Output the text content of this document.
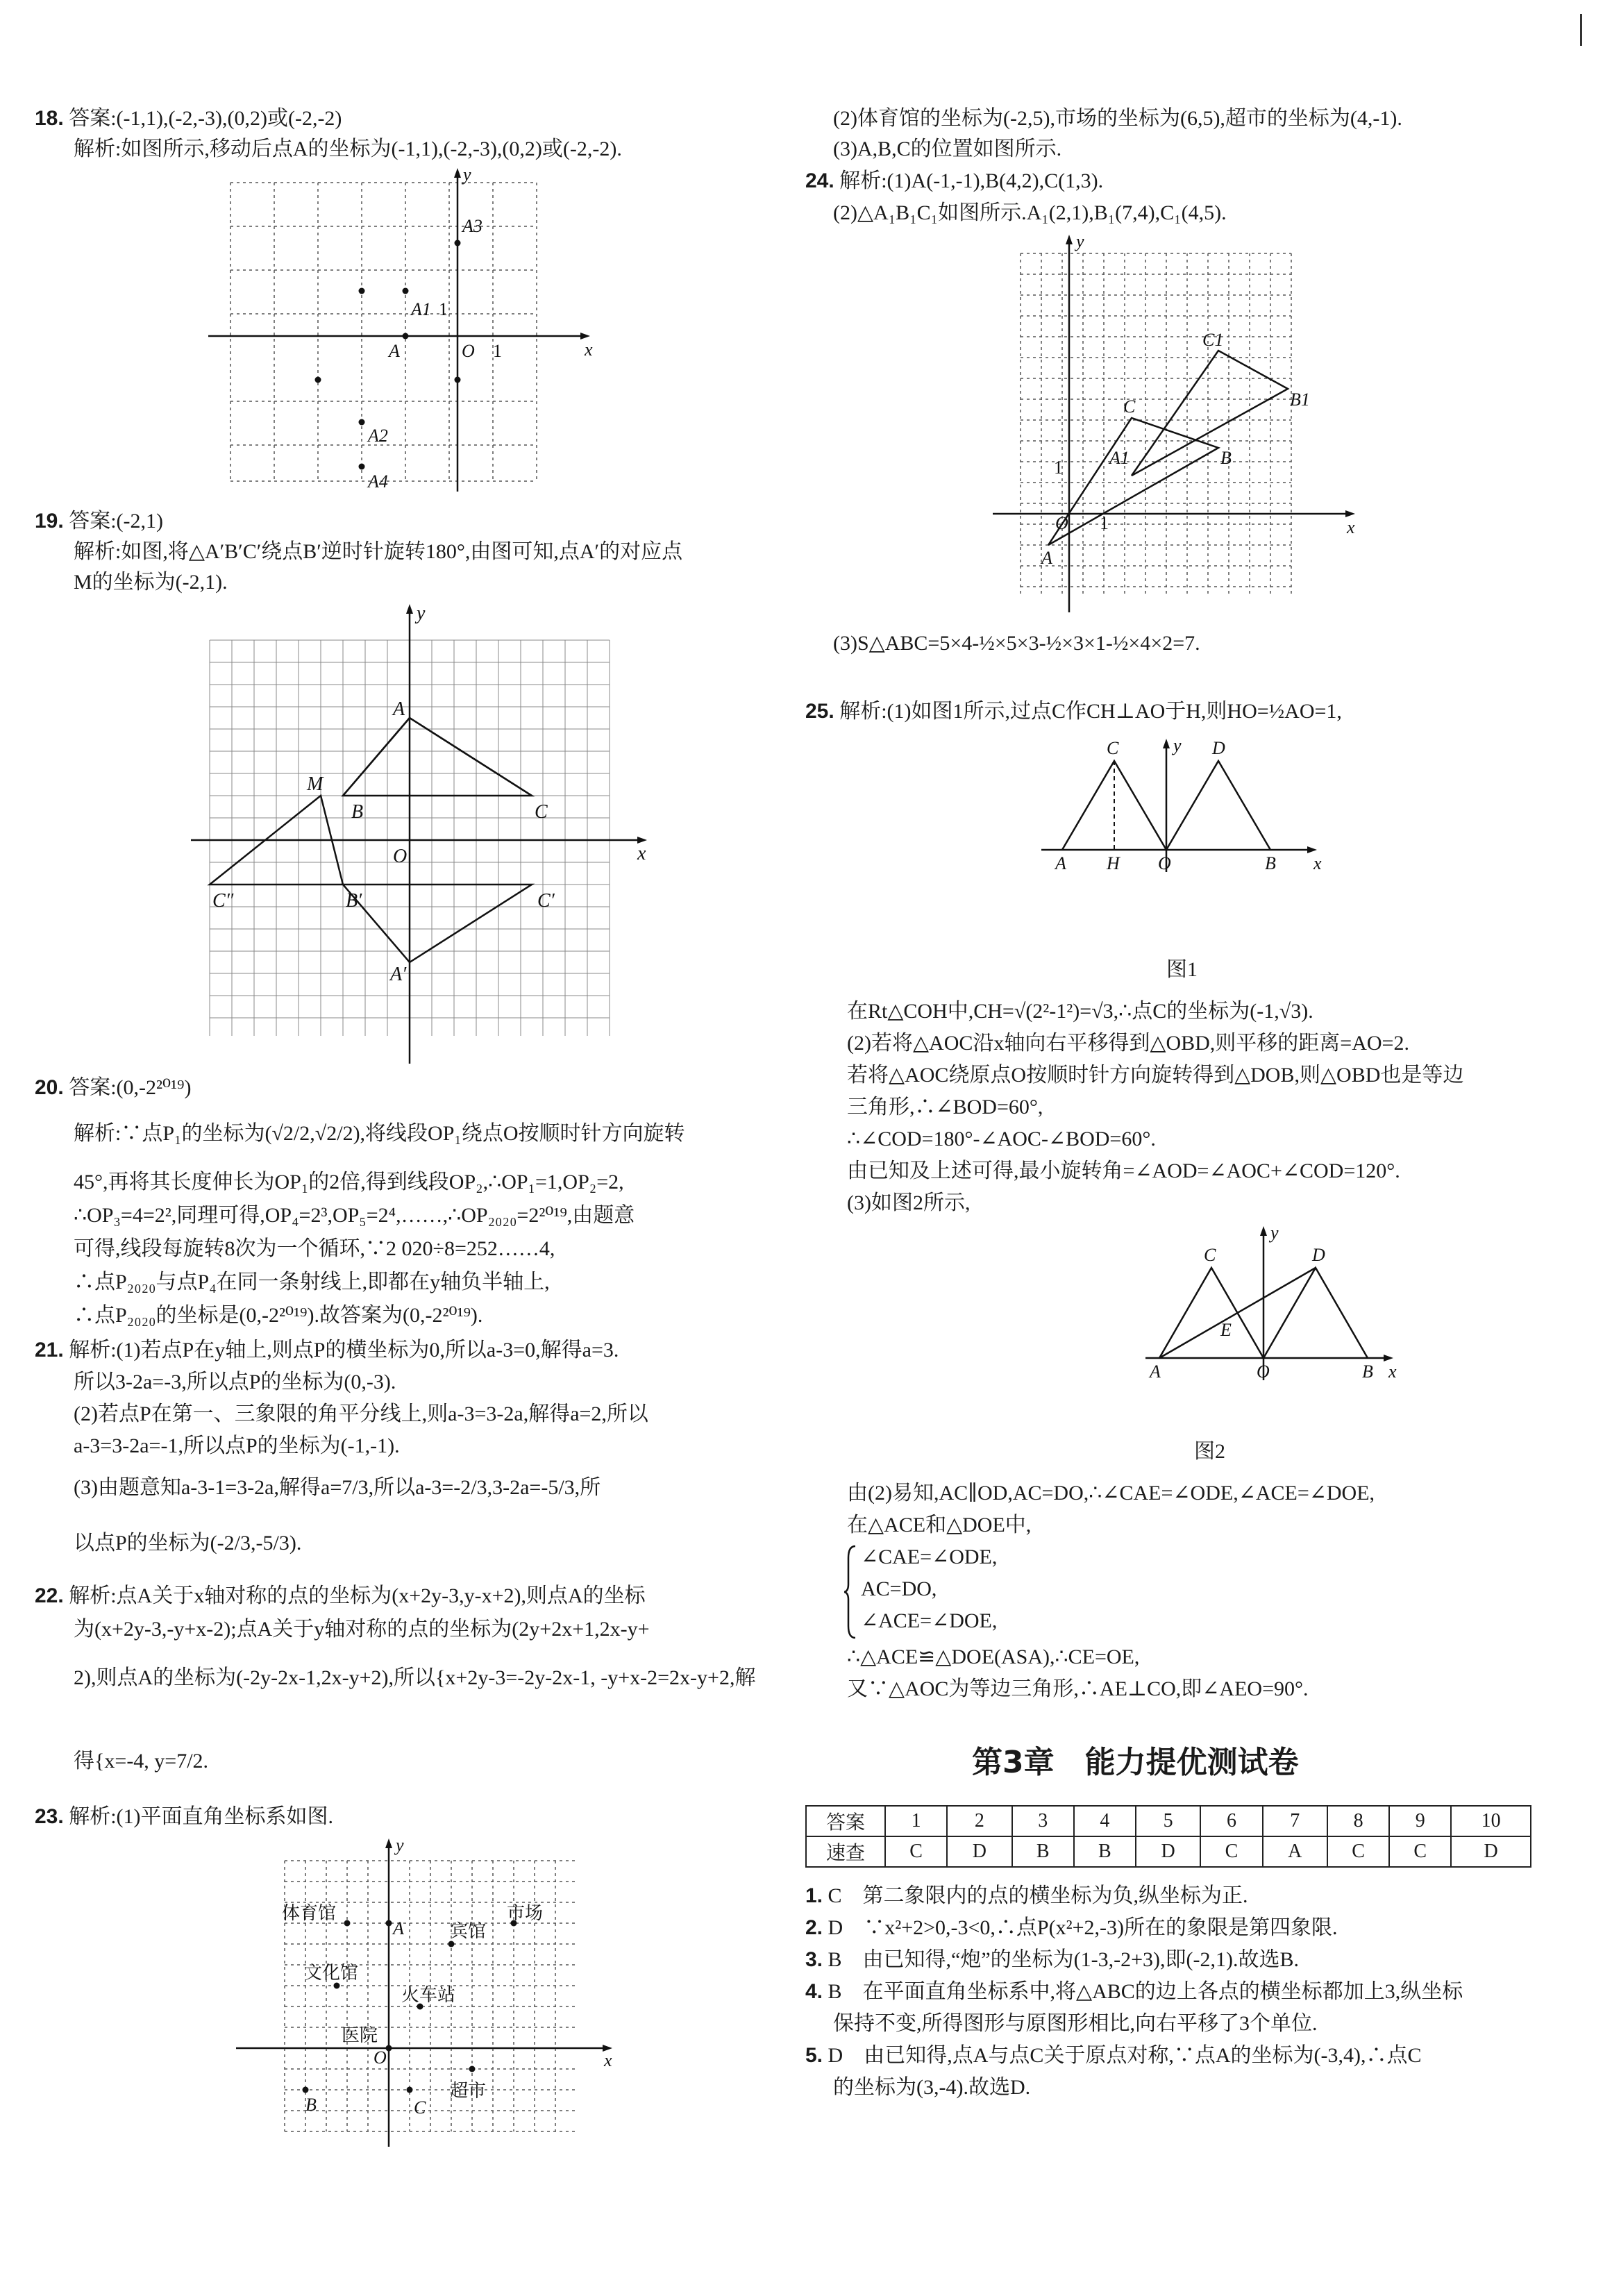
18. 答案:(-1,1),(-2,-3),(0,2)或(-2,-2)
解析:如图所示,移动后点A的坐标为(-1,1),(-2,-3),(0,2)或(-2,-2).
y
x
A3
A1
A	O
A2
A4
1
1
19. 答案:(-2,1)
解析:如图,将△A′B′C′绕点B′逆时针旋转180°,由图可知,点A′的对应点
M的坐标为(-2,1).
y
x
A
M
B	C
O
C″	B′	C′
A′
20. 答案:(0,-2²⁰¹⁹)
解析:∵点P₁的坐标为(√2/2,√2/2),将线段OP₁绕点O按顺时针方向旋转
45°,再将其长度伸长为OP₁的2倍,得到线段OP₂,∴OP₁=1,OP₂=2,
∴OP₃=4=2²,同理可得,OP₄=2³,OP₅=2⁴,……,∴OP₂₀₂₀=2²⁰¹⁹,由题意
可得,线段每旋转8次为一个循环,∵2 020÷8=252……4,
∴点P₂₀₂₀与点P₄在同一条射线上,即都在y轴负半轴上,
∴点P₂₀₂₀的坐标是(0,-2²⁰¹⁹).故答案为(0,-2²⁰¹⁹).
21. 解析:(1)若点P在y轴上,则点P的横坐标为0,所以a-3=0,解得a=3.
所以3-2a=-3,所以点P的坐标为(0,-3).
(2)若点P在第一、三象限的角平分线上,则a-3=3-2a,解得a=2,所以
a-3=3-2a=-1,所以点P的坐标为(-1,-1).
(3)由题意知a-3-1=3-2a,解得a=7/3,所以a-3=-2/3,3-2a=-5/3,所
以点P的坐标为(-2/3,-5/3).
22. 解析:点A关于x轴对称的点的坐标为(x+2y-3,y-x+2),则点A的坐标
为(x+2y-3,-y+x-2);点A关于y轴对称的点的坐标为(2y+2x+1,2x-y+
2),则点A的坐标为(-2y-2x-1,2x-y+2),所以{x+2y-3=-2y-2x-1, -y+x-2=2x-y+2,解
得{x=-4, y=7/2.
23. 解析:(1)平面直角坐标系如图.
y
x
A
O
B	C
体育馆	市场
宾馆
文化馆
火车站
医院
超市
(2)体育馆的坐标为(-2,5),市场的坐标为(6,5),超市的坐标为(4,-1).
(3)A,B,C的位置如图所示.
24. 解析:(1)A(-1,-1),B(4,2),C(1,3).
(2)△A₁B₁C₁如图所示.A₁(2,1),B₁(7,4),C₁(4,5).
y
x
C1
B1
C
A1	B
O
A
1
1
(3)S△ABC=5×4-½×5×3-½×3×1-½×4×2=7.
25. 解析:(1)如图1所示,过点C作CH⊥AO于H,则HO=½AO=1,
y
x
C	D
A H O	B
图1
在Rt△COH中,CH=√(2²-1²)=√3,∴点C的坐标为(-1,√3).
(2)若将△AOC沿x轴向右平移得到△OBD,则平移的距离=AO=2.
若将△AOC绕原点O按顺时针方向旋转得到△DOB,则△OBD也是等边
三角形,∴∠BOD=60°,
∴∠COD=180°-∠AOC-∠BOD=60°.
由已知及上述可得,最小旋转角=∠AOD=∠AOC+∠COD=120°.
(3)如图2所示,
y
x
C	D
E
A	O	B
图2
由(2)易知,AC∥OD,AC=DO,∴∠CAE=∠ODE,∠ACE=∠DOE,
在△ACE和△DOE中,
∠CAE=∠ODE,
AC=DO,
∠ACE=∠DOE,
∴△ACE≌△DOE(ASA),∴CE=OE,
又∵△AOC为等边三角形,∴AE⊥CO,即∠AEO=90°.
第3章　能力提优测试卷
答案	1	2	3	4	5	6	7	8	9	10
速查	C	D	B	B	D	C	A	C	C	D
1. C　第二象限内的点的横坐标为负,纵坐标为正.
2. D　∵x²+2>0,-3<0,∴点P(x²+2,-3)所在的象限是第四象限.
3. B　由已知得,“炮”的坐标为(1-3,-2+3),即(-2,1).故选B.
4. B　在平面直角坐标系中,将△ABC的边上各点的横坐标都加上3,纵坐标
保持不变,所得图形与原图形相比,向右平移了3个单位.
5. D　由已知得,点A与点C关于原点对称,∵点A的坐标为(-3,4),∴点C
的坐标为(3,-4).故选D.
